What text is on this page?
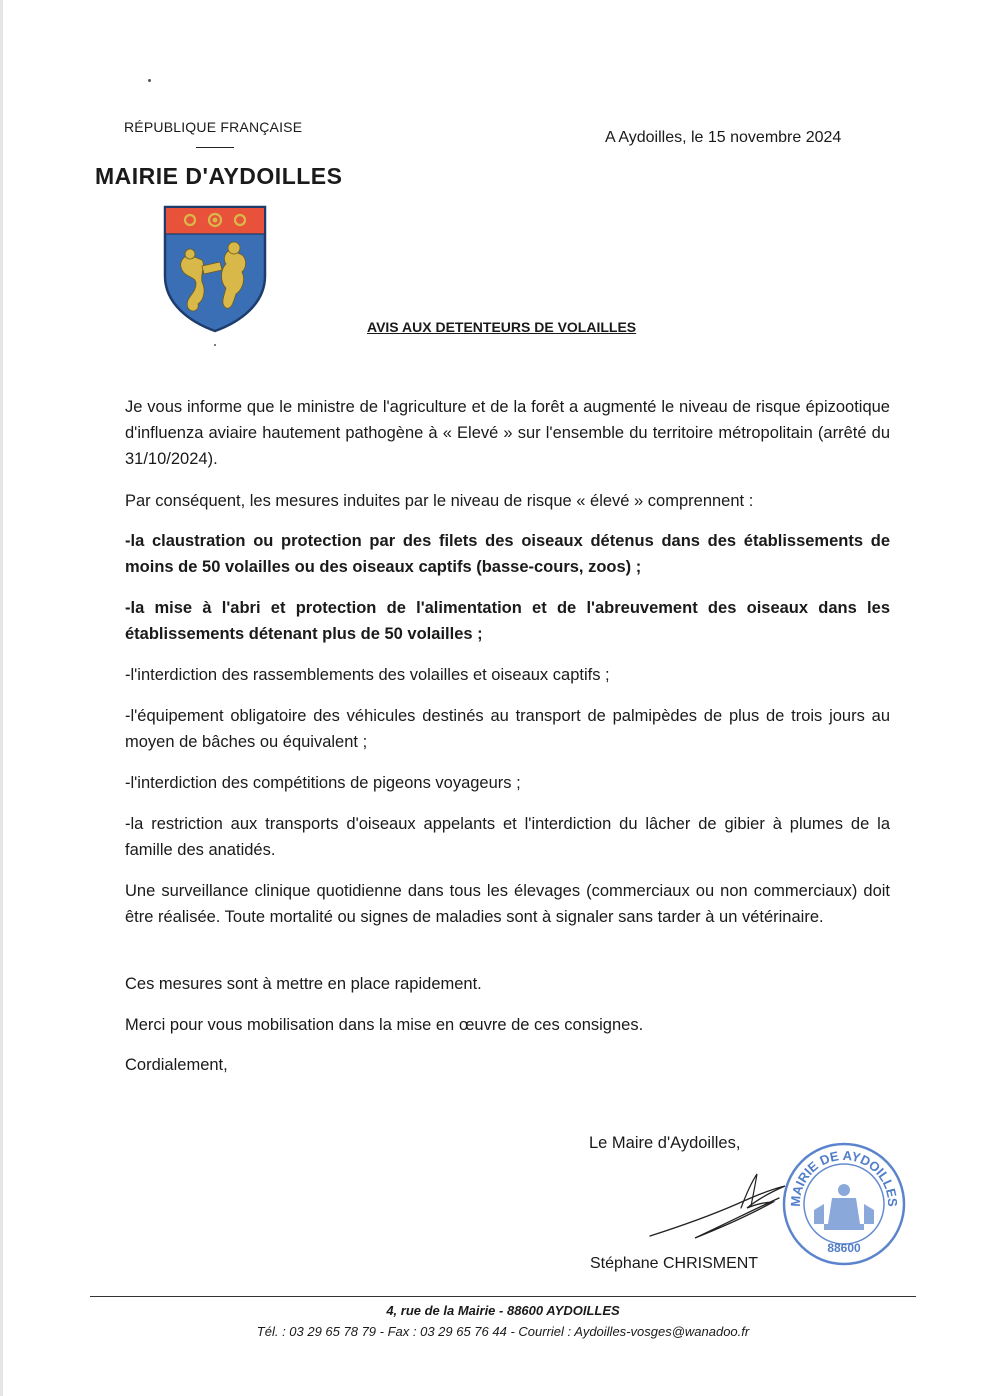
RÉPUBLIQUE FRANÇAISE
MAIRIE D'AYDOILLES
A Aydoilles, le 15 novembre 2024
AVIS AUX DETENTEURS DE VOLAILLES

Je vous informe que le ministre de l'agriculture et de la forêt a augmenté le niveau de risque épizootique d'influenza aviaire hautement pathogène à « Elevé » sur l'ensemble du territoire métropolitain (arrêté du 31/10/2024).

Par conséquent, les mesures induites par le niveau de risque « élevé » comprennent :

-la claustration ou protection par des filets des oiseaux détenus dans des établissements de moins de 50 volailles ou des oiseaux captifs (basse-cours, zoos) ;

-la mise à l'abri et protection de l'alimentation et de l'abreuvement des oiseaux dans les établissements détenant plus de 50 volailles ;

-l'interdiction des rassemblements des volailles et oiseaux captifs ;

-l'équipement obligatoire des véhicules destinés au transport de palmipèdes de plus de trois jours au moyen de bâches ou équivalent ;

-l'interdiction des compétitions de pigeons voyageurs ;

-la restriction aux transports d'oiseaux appelants et l'interdiction du lâcher de gibier à plumes de la famille des anatidés.

Une surveillance clinique quotidienne dans tous les élevages (commerciaux ou non commerciaux) doit être réalisée. Toute mortalité ou signes de maladies sont à signaler sans tarder à un vétérinaire.

Ces mesures sont à mettre en place rapidement.

Merci pour vous mobilisation dans la mise en œuvre de ces consignes.

Cordialement,

Le Maire d'Aydoilles,
MAIRIE DE AYDOILLES
88600
Stéphane CHRISMENT
4, rue de la Mairie - 88600 AYDOILLES
Tél. : 03 29 65 78 79 - Fax : 03 29 65 76 44 - Courriel : Aydoilles-vosges@wanadoo.fr
